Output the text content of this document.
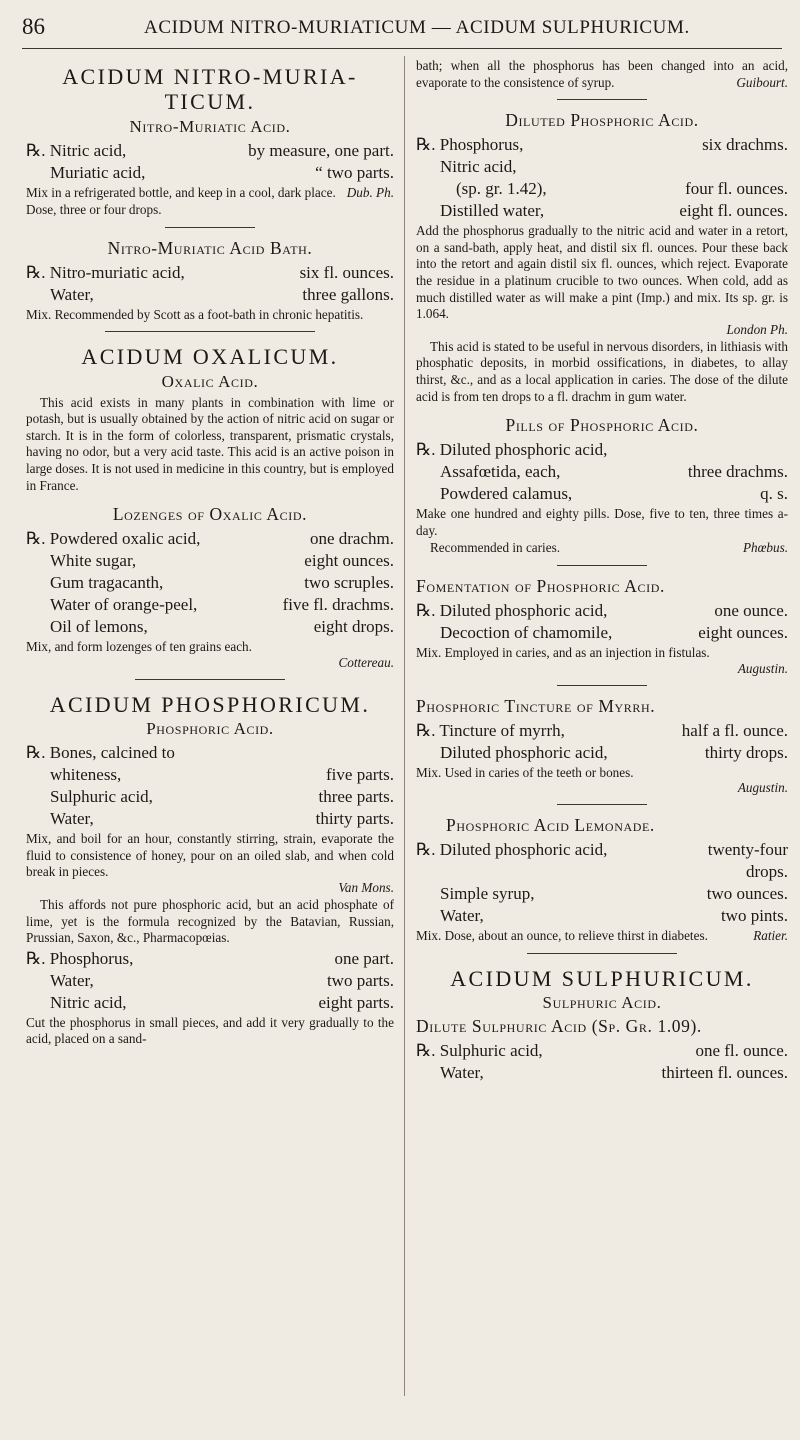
86	ACIDUM NITRO-MURIATICUM — ACIDUM SULPHURICUM.
ACIDUM NITRO-MURIA-TICUM.
Nitro-Muriatic Acid.
℞. Nitric acid,	by measure, one part.
Muriatic acid,	“ two parts.

Mix in a refrigerated bottle, and keep in a cool, dark place. Dub. Ph.

Dose, three or four drops.

Nitro-Muriatic Acid Bath.
℞. Nitro-muriatic acid,	six fl. ounces.
Water,	three gallons.

Mix. Recommended by Scott as a foot-bath in chronic hepatitis.

ACIDUM OXALICUM.
Oxalic Acid.

This acid exists in many plants in combination with lime or potash, but is usually obtained by the action of nitric acid on sugar or starch. It is in the form of colorless, transparent, prismatic crystals, having no odor, but a very acid taste. This acid is an active poison in large doses. It is not used in medicine in this country, but is employed in France.

Lozenges of Oxalic Acid.
℞. Powdered oxalic acid,	one drachm.
White sugar,	eight ounces.
Gum tragacanth,	two scruples.
Water of orange-peel,	five fl. drachms.
Oil of lemons,	eight drops.

Mix, and form lozenges of ten grains each.

Cottereau.
ACIDUM PHOSPHORICUM.
Phosphoric Acid.
℞. Bones, calcined to
whiteness,	five parts.
Sulphuric acid,	three parts.
Water,	thirty parts.

Mix, and boil for an hour, constantly stirring, strain, evaporate the fluid to consistence of honey, pour on an oiled slab, and when cold break in pieces.

Van Mons.

This affords not pure phosphoric acid, but an acid phosphate of lime, yet is the formula recognized by the Batavian, Russian, Prussian, Saxon, &c., Pharmacopœias.

℞. Phosphorus,	one part.
Water,	two parts.
Nitric acid,	eight parts.

Cut the phosphorus in small pieces, and add it very gradually to the acid, placed on a sand-

bath; when all the phosphorus has been changed into an acid, evaporate to the consistence of syrup.	Guibourt.

Diluted Phosphoric Acid.
℞. Phosphorus,	six drachms.
Nitric acid,
(sp. gr. 1.42),	four fl. ounces.
Distilled water,	eight fl. ounces.

Add the phosphorus gradually to the nitric acid and water in a retort, on a sand-bath, apply heat, and distil six fl. ounces. Pour these back into the retort and again distil six fl. ounces, which reject. Evaporate the residue in a platinum crucible to two ounces. When cold, add as much distilled water as will make a pint (Imp.) and mix. Its sp. gr. is 1.064.

London Ph.

This acid is stated to be useful in nervous disorders, in lithiasis with phosphatic deposits, in morbid ossifications, in diabetes, to allay thirst, &c., and as a local application in caries. The dose of the dilute acid is from ten drops to a fl. drachm in gum water.

Pills of Phosphoric Acid.
℞. Diluted phosphoric acid,
Assafœtida, each,	three drachms.
Powdered calamus,	q. s.

Make one hundred and eighty pills. Dose, five to ten, three times a-day.

Recommended in caries.	Phœbus.

Fomentation of Phosphoric Acid.
℞. Diluted phosphoric acid,	one ounce.
Decoction of chamomile,	eight ounces.

Mix. Employed in caries, and as an injection in fistulas.

Augustin.
Phosphoric Tincture of Myrrh.
℞. Tincture of myrrh,	half a fl. ounce.
Diluted phosphoric acid,	thirty drops.

Mix. Used in caries of the teeth or bones.

Augustin.
Phosphoric Acid Lemonade.
℞. Diluted phosphoric acid,	twenty-four
drops.
Simple syrup,	two ounces.
Water,	two pints.

Mix. Dose, about an ounce, to relieve thirst in diabetes.	Ratier.

ACIDUM SULPHURICUM.
Sulphuric Acid.
Dilute Sulphuric Acid (Sp. Gr. 1.09).
℞. Sulphuric acid,	one fl. ounce.
Water,	thirteen fl. ounces.
